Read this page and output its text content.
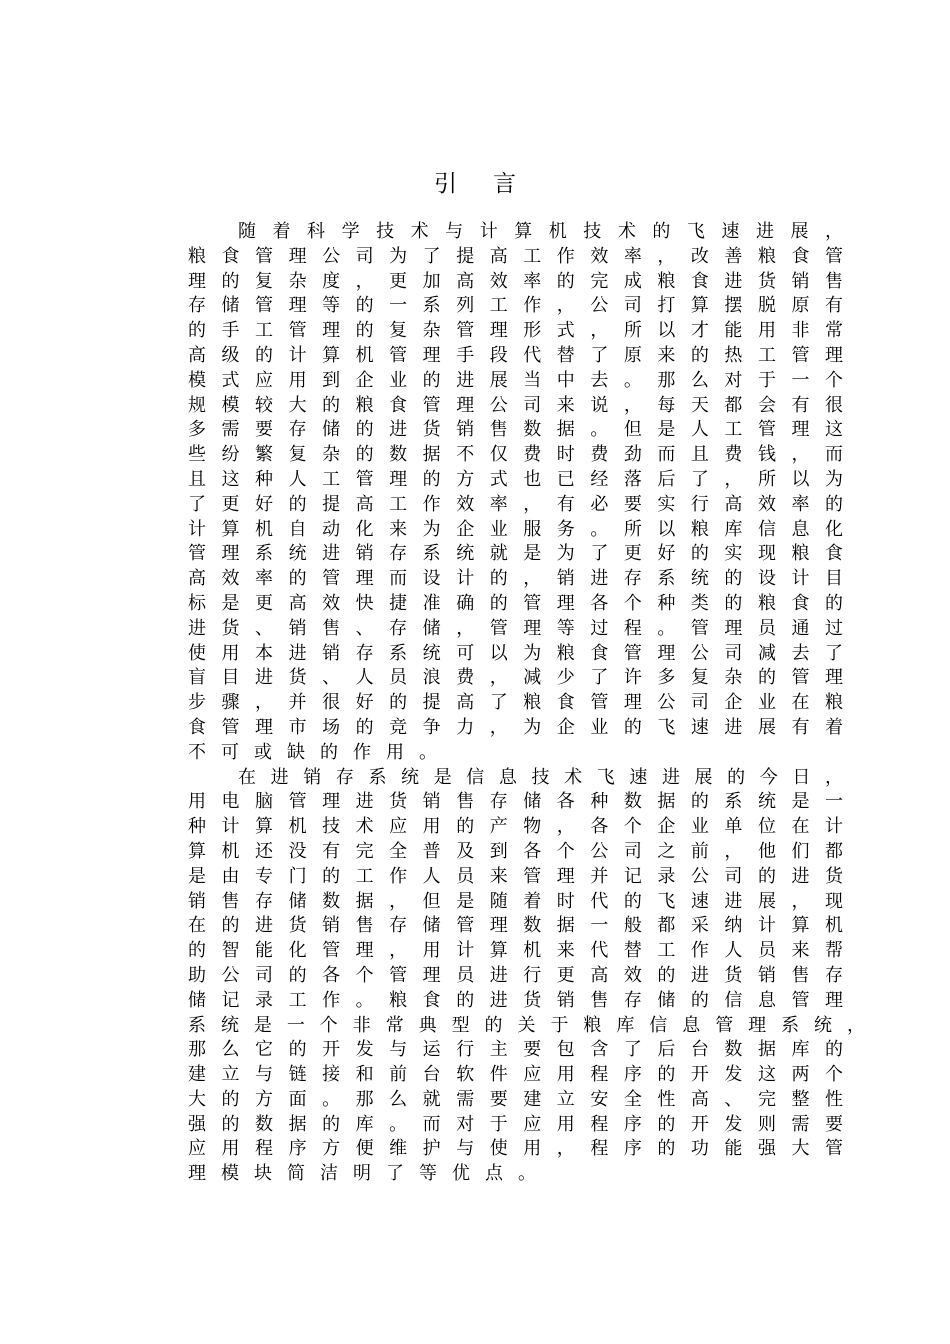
引言
随着科学技术与计算机技术的飞速进展，
粮食管理公司为了提高工作效率，改善粮食管
理的复杂度，更加高效率的完成粮食进货销售
存储管理等的一系列工作，公司打算摆脱原有
的手工管理的复杂管理形式，所以才能用非常
高级的计算机管理手段代替了原来的热工管理
模式应用到企业的进展当中去。那么对于一个
规模较大的粮食管理公司来说，每天都会有很
多需要存储的进货销售数据。但是人工管理这
些纷繁复杂的数据不仅费时费劲而且费钱，而
且这种人工管理的方式也已经落后了，所以为
了更好的提高工作效率，有必要实行高效率的
计算机自动化来为企业服务。所以粮库信息化
管理系统进销存系统就是为了更好的实现粮食
高效率的管理而设计的，销进存系统的设计目
标是更高效快捷准确的管理各个种类的粮食的
进货、销售、存储，管理等过程。管理员通过
使用本进销存系统可以为粮食管理公司减去了
盲目进货、人员浪费，减少了许多复杂的管理
步骤，并很好的提高了粮食管理公司企业在粮
食管理市场的竞争力，为企业的飞速进展有着
不可或缺的作用。
在进销存系统是信息技术飞速进展的今日，
用电脑管理进货销售存储各种数据的系统是一
种计算机技术应用的产物，各个企业单位在计
算机还没有完全普及到各个公司之前，他们都
是由专门的工作人员来管理并记录公司的进货
销售存储数据，但是随着时代的飞速进展，现
在的进货销售存储管理数据一般都采纳计算机
的智能化管理，用计算机来代替工作人员来帮
助公司的各个管理员进行更高效的进货销售存
储记录工作。粮食的进货销售存储的信息管理
系统是一个非常典型的关于粮库信息管理系统，
那么它的开发与运行主要包含了后台数据库的
建立与链接和前台软件应用程序的开发这两个
大的方面。那么就需要建立安全性高、完整性
强的数据的库。而对于应用程序的开发则需要
应用程序方便维护与使用，程序的功能强大管
理模块简洁明了等优点。
